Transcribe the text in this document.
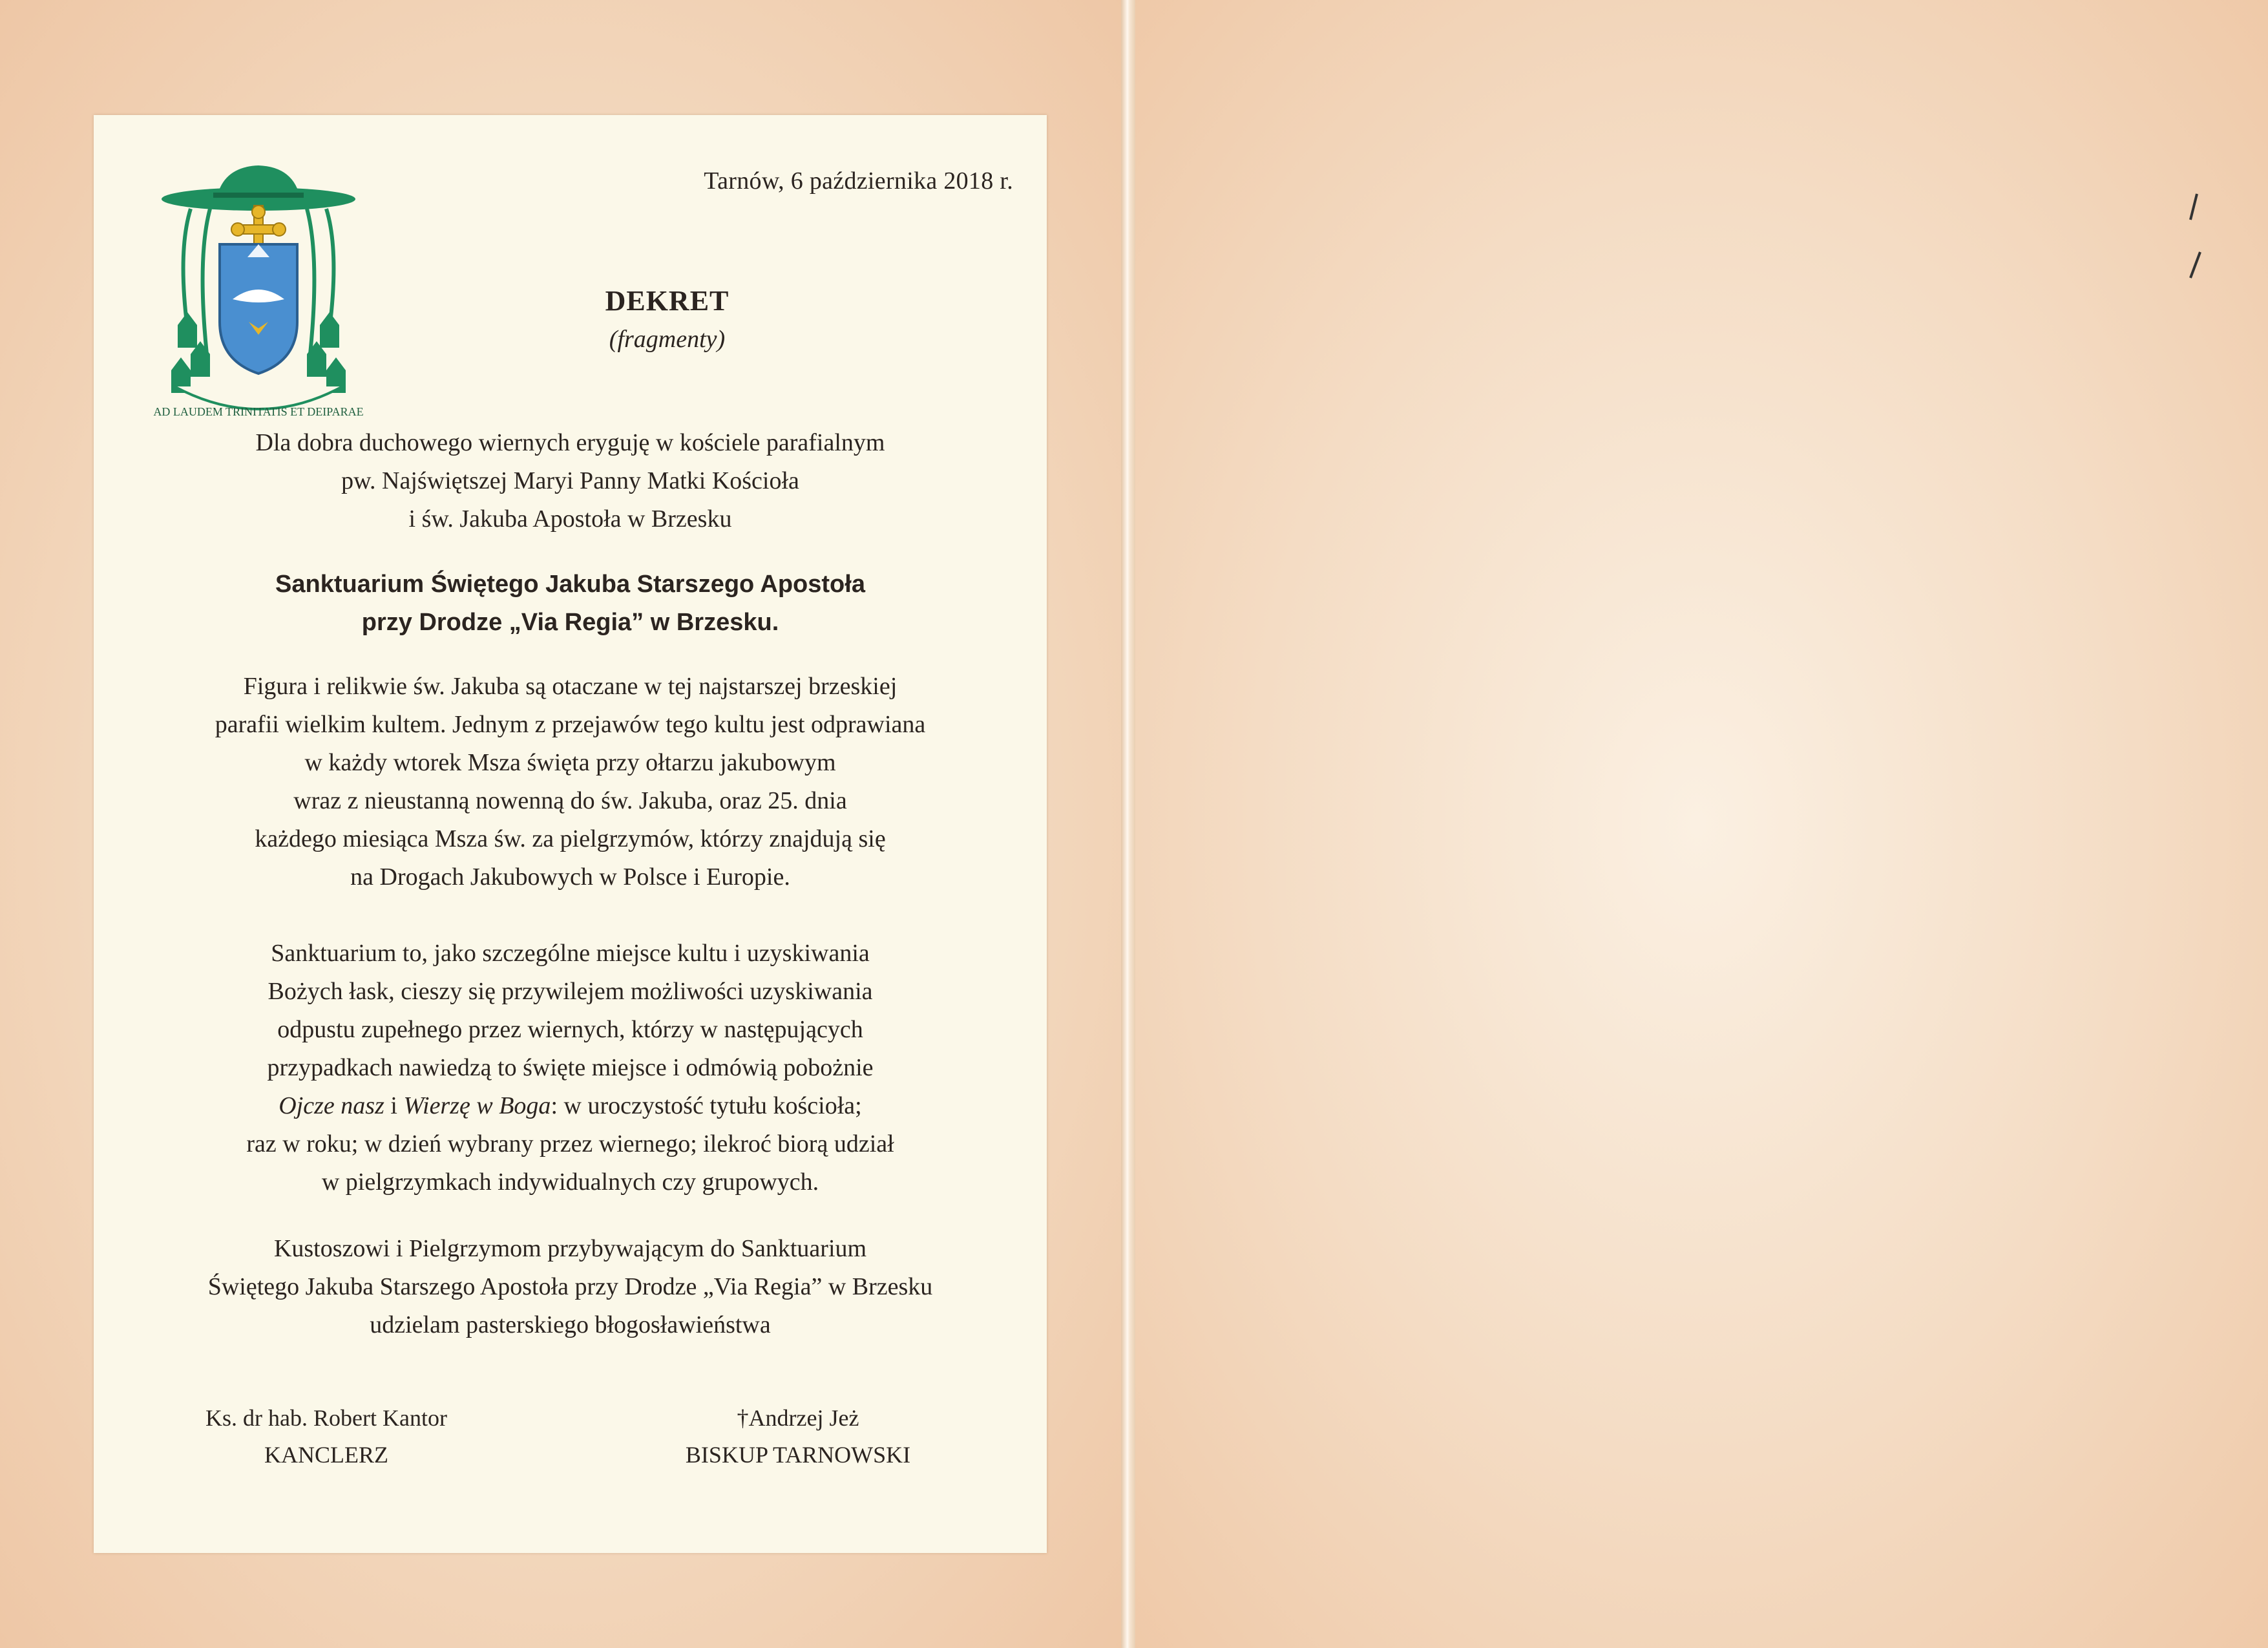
Tarnów, 6 października 2018 r.
AD LAUDEM TRINITATIS ET DEIPARAE
DEKRET
(fragmenty)
Dla dobra duchowego wiernych eryguję w kościele parafialnym
pw. Najświętszej Maryi Panny Matki Kościoła
i św. Jakuba Apostoła w Brzesku
Sanktuarium Świętego Jakuba Starszego Apostoła
przy Drodze „Via Regia” w Brzesku.
Figura i relikwie św. Jakuba są otaczane w tej najstarszej brzeskiej
parafii wielkim kultem. Jednym z przejawów tego kultu jest odprawiana
w każdy wtorek Msza święta przy ołtarzu jakubowym
wraz z nieustanną nowenną do św. Jakuba, oraz 25. dnia
każdego miesiąca Msza św. za pielgrzymów, którzy znajdują się
na Drogach Jakubowych w Polsce i Europie.
Sanktuarium to, jako szczególne miejsce kultu i uzyskiwania
Bożych łask, cieszy się przywilejem możliwości uzyskiwania
odpustu zupełnego przez wiernych, którzy w następujących
przypadkach nawiedzą to święte miejsce i odmówią pobożnie
Ojcze nasz i Wierzę w Boga: w uroczystość tytułu kościoła;
raz w roku; w dzień wybrany przez wiernego; ilekroć biorą udział
w pielgrzymkach indywidualnych czy grupowych.
Kustoszowi i Pielgrzymom przybywającym do Sanktuarium
Świętego Jakuba Starszego Apostoła przy Drodze „Via Regia” w Brzesku
udzielam pasterskiego błogosławieństwa
Ks. dr hab. Robert Kantor
KANCLERZ
†Andrzej Jeż
BISKUP TARNOWSKI
